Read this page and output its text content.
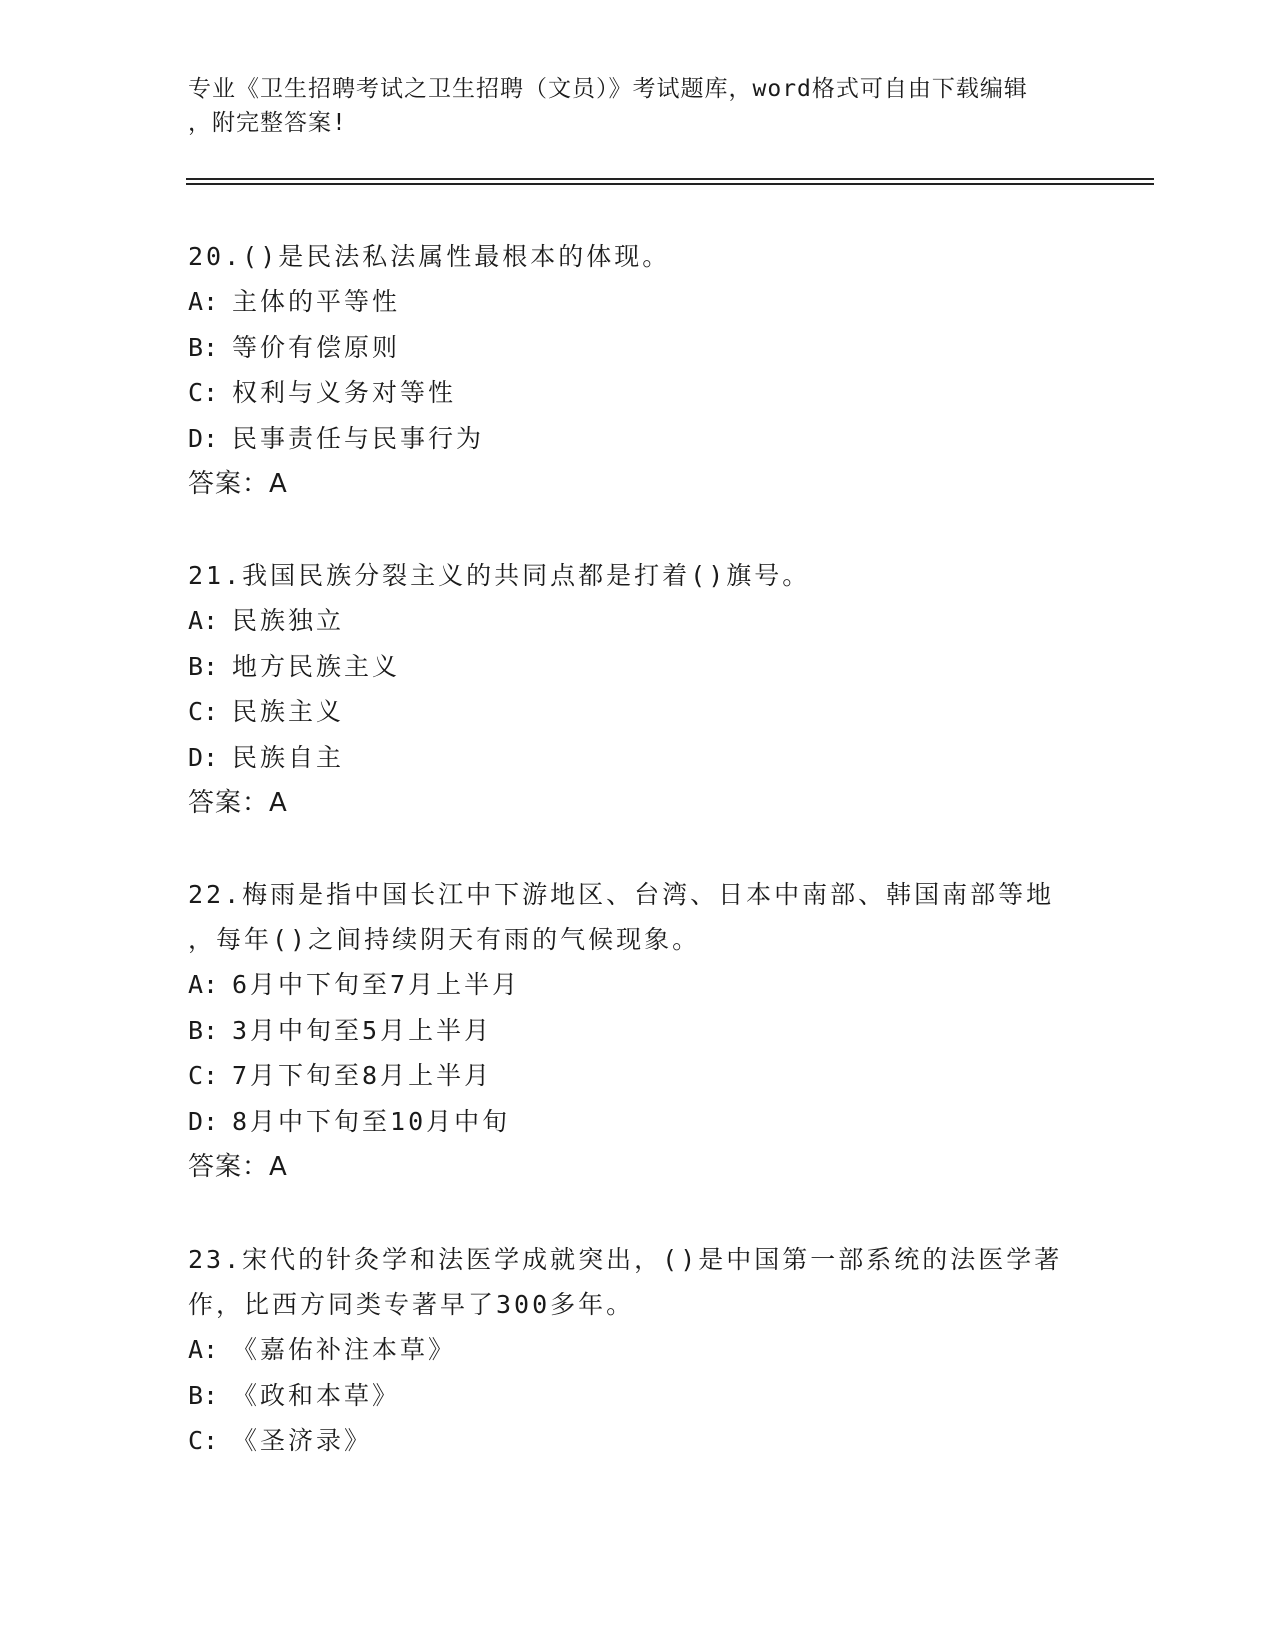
专业《卫生招聘考试之卫生招聘（文员）》考试题库，word格式可自由下载编辑
，附完整答案!
20.()是民法私法属性最根本的体现。
A: 主体的平等性
B: 等价有偿原则
C: 权利与义务对等性
D: 民事责任与民事行为
答案：A
21.我国民族分裂主义的共同点都是打着()旗号。
A: 民族独立
B: 地方民族主义
C: 民族主义
D: 民族自主
答案：A
22.梅雨是指中国长江中下游地区、台湾、日本中南部、韩国南部等地
，每年()之间持续阴天有雨的气候现象。
A: 6月中下旬至7月上半月
B: 3月中旬至5月上半月
C: 7月下旬至8月上半月
D: 8月中下旬至10月中旬
答案：A
23.宋代的针灸学和法医学成就突出，()是中国第一部系统的法医学著
作，比西方同类专著早了300多年。
A: 《嘉佑补注本草》
B: 《政和本草》
C: 《圣济录》
